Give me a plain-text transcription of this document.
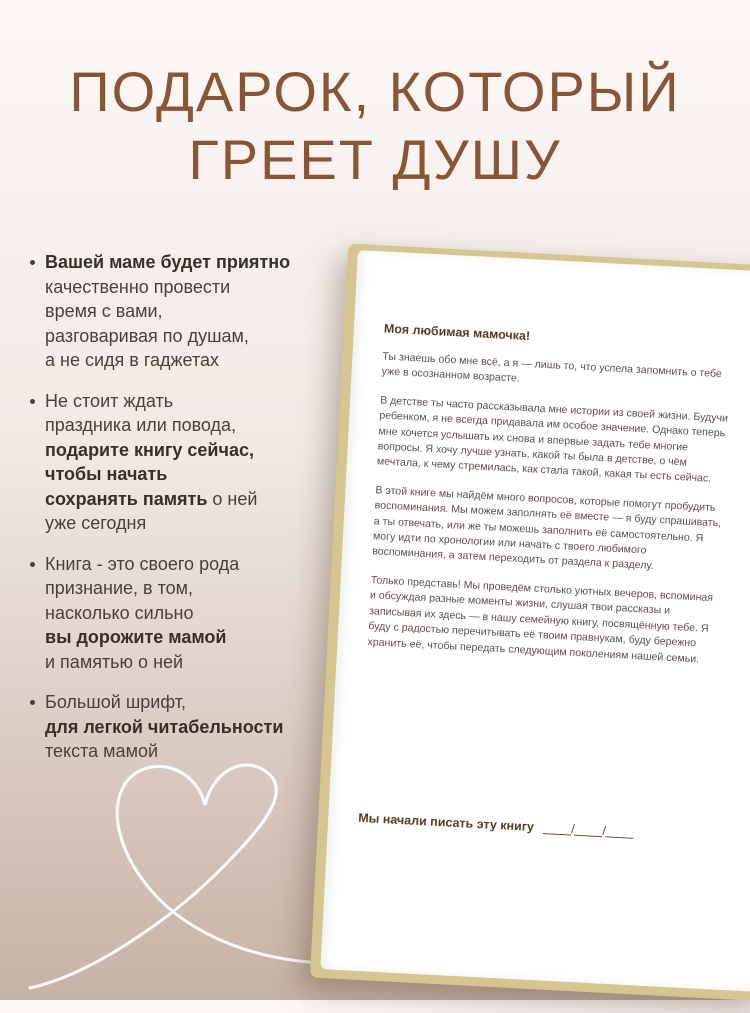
ПОДАРОК, КОТОРЫЙ
ГРЕЕТ ДУШУ
Вашей маме будет приятно
качественно провести
время с вами,
разговаривая по душам,
а не сидя в гаджетах
Не стоит ждать
праздника или повода,
подарите книгу сейчас,
чтобы начать
сохранять память о ней
уже сегодня
Книга - это своего рода
признание, в том,
насколько сильно
вы дорожите мамой
и памятью о ней
Большой шрифт,
для легкой читабельности
текста мамой

Моя любимая мамочка!

Ты знаешь обо мне всё, а я — лишь то, что успела запомнить о тебе уже в осознанном возрасте.

В детстве ты часто рассказывала мне истории из своей жизни. Будучи ребенком, я не всегда придавала им особое значение. Однако теперь мне хочется услышать их снова и впервые задать тебе многие вопросы. Я хочу лучше узнать, какой ты была в детстве, о чём мечтала, к чему стремилась, как стала такой, какая ты есть сейчас.

В этой книге мы найдём много вопросов, которые помогут пробудить воспоминания. Мы можем заполнять её вместе — я буду спрашивать, а ты отвечать, или же ты можешь заполнить её самостоятельно. Я могу идти по хронологии или начать с твоего любимого воспоминания, а затем переходить от раздела к разделу.

Только представь! Мы проведём столько уютных вечеров, вспоминая и обсуждая разные моменты жизни, слушая твои рассказы и записывая их здесь — в нашу семейную книгу, посвящённую тебе. Я буду с радостью перечитывать её твоим правнукам, буду бережно хранить её, чтобы передать следующим поколениям нашей семьи.

Мы начали писать эту книгу ____/____/____
